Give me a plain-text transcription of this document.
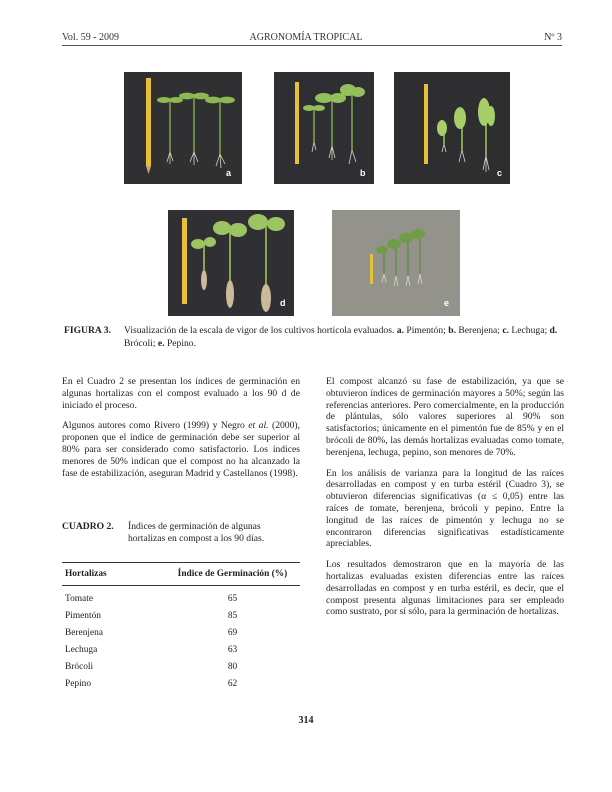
Vol. 59 - 2009	AGRONOMÍA TROPICAL	Nº 3
a	b	c
d	e
FIGURA 3. Visualización de la escala de vigor de los cultivos hortícola evaluados. a. Pimentón; b. Berenjena; c. Lechuga; d. Brócoli; e. Pepino.

En el Cuadro 2 se presentan los índices de germinación en algunas hortalizas con el compost evaluado a los 90 d de iniciado el proceso.

Algunos autores como Rivero (1999) y Negro et al. (2000), proponen que el índice de germinación debe ser superior al 80% para ser considerado como satisfactorio. Los índices menores de 50% indican que el compost no ha alcanzado la fase de estabilización, aseguran Madrid y Castellanos (1998).

CUADRO 2. Índices de germinación de algunas hortalizas en compost a los 90 días.
Hortalizas	Índice de Germinación (%)
Tomate	65
Pimentón	85
Berenjena	69
Lechuga	63
Brócoli	80
Pepino	62

El compost alcanzó su fase de estabilización, ya que se obtuvieron índices de germinación mayores a 50%; según las referencias anteriores. Pero comercialmente, en la producción de plántulas, sólo valores superiores al 90% son satisfactorios; únicamente en el pimentón fue de 85% y en el brócoli de 80%, las demás hortalizas evaluadas como tomate, berenjena, lechuga, pepino, son menores de 70%.

En los análisis de varianza para la longitud de las raíces desarrolladas en compost y en turba estéril (Cuadro 3), se obtuvieron diferencias significativas (α ≤ 0,05) entre las raíces de tomate, berenjena, brócoli y pepino. Entre la longitud de las raíces de pimentón y lechuga no se encontraron diferencias significativas estadísticamente apreciables.

Los resultados demostraron que en la mayoría de las hortalizas evaluadas existen diferencias entre las raíces desarrolladas en compost y en turba estéril, es decir, que el compost presenta algunas limitaciones para ser empleado como sustrato, por sí sólo, para la germinación de hortalizas.

314
